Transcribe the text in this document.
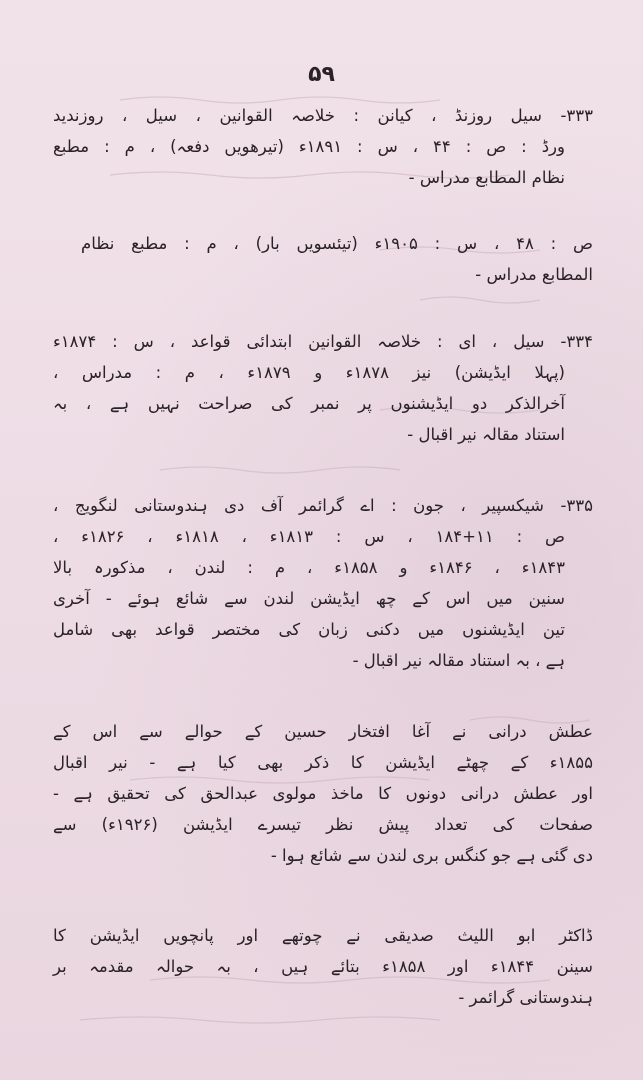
۵۹
۳۳۳- سیل روزنڈ ، کیانن : خلاصہ القوانین ، سیل ، روزندید
ورڈ : ص : ۴۴ ، س : ۱۸۹۱ء (تیرھویں دفعہ) ، م : مطبع
نظام المطابع مدراس -
ص : ۴۸ ، س : ۱۹۰۵ء (تیئسویں بار) ، م : مطبع نظام
المطابع مدراس -
۳۳۴- سیل ، ای : خلاصہ القوانین ابتدائی قواعد ، س : ۱۸۷۴ء
(پہلا ایڈیشن) نیز ۱۸۷۸ء و ۱۸۷۹ء ، م : مدراس ،
آخرالذکر دو ایڈیشنوں پر نمبر کی صراحت نہیں ہے ، بہ
استناد مقالہ نیر اقبال -
۳۳۵- شیکسپیر ، جون : اے گرائمر آف دی ہندوستانی لنگویج ،
ص : ۱۱+۱۸۴ ، س : ۱۸۱۳ء ، ۱۸۱۸ء ، ۱۸۲۶ء ،
۱۸۴۳ء ، ۱۸۴۶ء و ۱۸۵۸ء ، م : لندن ، مذکورہ بالا
سنین میں اس کے چھ ایڈیشن لندن سے شائع ہوئے - آخری
تین ایڈیشنوں میں دکنی زبان کی مختصر قواعد بھی شامل
ہے ، بہ استناد مقالہ نیر اقبال -
عطش درانی نے آغا افتخار حسین کے حوالے سے اس کے
۱۸۵۵ء کے چھٹے ایڈیشن کا ذکر بھی کیا ہے - نیر اقبال
اور عطش درانی دونوں کا ماخذ مولوی عبدالحق کی تحقیق ہے -
صفحات کی تعداد پیش نظر تیسرے ایڈیشن (۱۹۲۶ء) سے
دی گئی ہے جو کنگس بری لندن سے شائع ہوا -
ڈاکٹر ابو اللیث صدیقی نے چوتھے اور پانچویں ایڈیشن کا
سینن ۱۸۴۴ء اور ۱۸۵۸ء بتائے ہیں ، بہ حوالہ مقدمہ بر
ہندوستانی گرائمر -
